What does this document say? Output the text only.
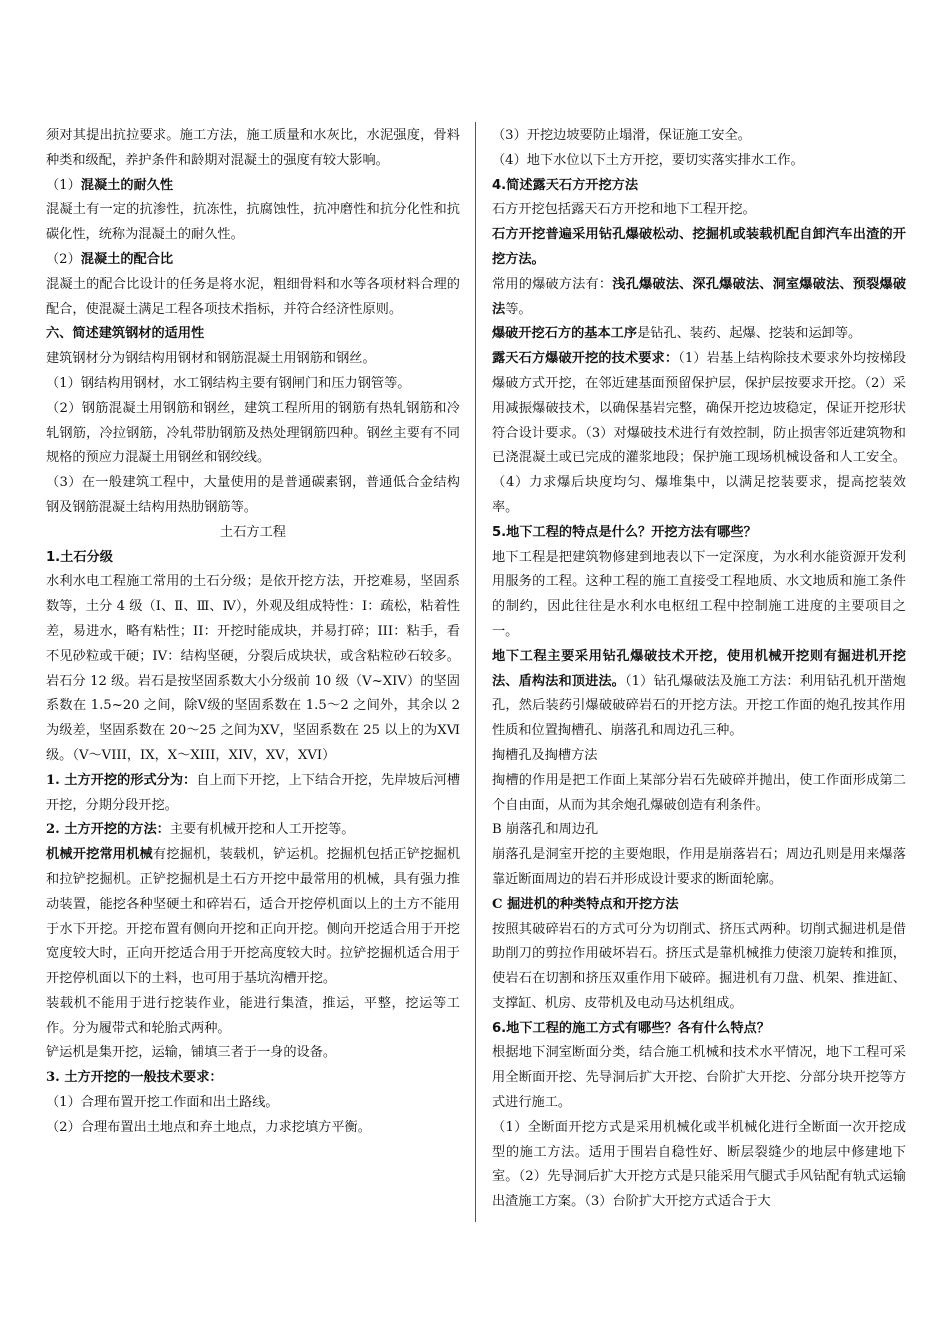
须对其提出抗拉要求。施工方法，施工质量和水灰比，水泥强度，骨料种类和级配，养护条件和龄期对混凝土的强度有较大影响。

（1）混凝土的耐久性

混凝土有一定的抗渗性，抗冻性，抗腐蚀性，抗冲磨性和抗分化性和抗碳化性，统称为混凝土的耐久性。

（2）混凝土的配合比

混凝土的配合比设计的任务是将水泥，粗细骨料和水等各项材料合理的配合，使混凝土满足工程各项技术指标，并符合经济性原则。

六、简述建筑钢材的适用性

建筑钢材分为钢结构用钢材和钢筋混凝土用钢筋和钢丝。

（1）钢结构用钢材，水工钢结构主要有钢闸门和压力钢管等。

（2）钢筋混凝土用钢筋和钢丝，建筑工程所用的钢筋有热轧钢筋和冷轧钢筋，冷拉钢筋，冷轧带肋钢筋及热处理钢筋四种。钢丝主要有不同规格的预应力混凝土用钢丝和钢绞线。

（3）在一般建筑工程中，大量使用的是普通碳素钢，普通低合金结构钢及钢筋混凝土结构用热肋钢筋等。

土石方工程

1.土石分级

水利水电工程施工常用的土石分级；是依开挖方法，开挖难易，坚固系数等，土分 4 级（I、Ⅱ、Ⅲ、Ⅳ），外观及组成特性：I：疏松，粘着性差，易进水，略有粘性；II：开挖时能成块，并易打碎；III：粘手，看不见砂粒或干硬；IV：结构坚硬，分裂后成块状，或含粘粒砂石较多。岩石分 12 级。岩石是按坚固系数大小分级前 10 级（Ⅴ~XIV）的坚固系数在 1.5~20 之间，除Ⅴ级的坚固系数在 1.5～2 之间外，其余以 2 为级差，坚固系数在 20～25 之间为ⅩⅤ，坚固系数在 25 以上的为ⅩⅥ级。（Ⅴ～VIII，IX，X～XIII，XIV，XV，XVI）

1. 土方开挖的形式分为：自上而下开挖，上下结合开挖，先岸坡后河槽开挖，分期分段开挖。

2. 土方开挖的方法：主要有机械开挖和人工开挖等。

机械开挖常用机械有挖掘机，装载机，铲运机。挖掘机包括正铲挖掘机和拉铲挖掘机。正铲挖掘机是土石方开挖中最常用的机械，具有强力推动装置，能挖各种坚硬土和碎岩石，适合开挖停机面以上的土方不能用于水下开挖。开挖布置有侧向开挖和正向开挖。侧向开挖适合用于开挖宽度较大时，正向开挖适合用于开挖高度较大时。拉铲挖掘机适合用于开挖停机面以下的土料，也可用于基坑沟槽开挖。

装载机不能用于进行挖装作业，能进行集渣，推运，平整，挖运等工作。分为履带式和轮胎式两种。

铲运机是集开挖，运输，铺填三者于一身的设备。

3. 土方开挖的一般技术要求：

（1）合理布置开挖工作面和出土路线。

（2）合理布置出土地点和弃土地点，力求挖填方平衡。

（3）开挖边坡要防止塌滑，保证施工安全。

（4）地下水位以下土方开挖，要切实落实排水工作。

4.简述露天石方开挖方法

石方开挖包括露天石方开挖和地下工程开挖。

石方开挖普遍采用钻孔爆破松动、挖掘机或装载机配自卸汽车出渣的开挖方法。

常用的爆破方法有：浅孔爆破法、深孔爆破法、洞室爆破法、预裂爆破法等。

爆破开挖石方的基本工序是钻孔、装药、起爆、挖装和运卸等。

露天石方爆破开挖的技术要求：（1）岩基上结构除技术要求外均按梯段爆破方式开挖，在邻近建基面预留保护层，保护层按要求开挖。（2）采用减振爆破技术，以确保基岩完整，确保开挖边坡稳定，保证开挖形状符合设计要求。（3）对爆破技术进行有效控制，防止损害邻近建筑物和已浇混凝土或已完成的灌浆地段；保护施工现场机械设备和人工安全。（4）力求爆后块度均匀、爆堆集中，以满足挖装要求，提高挖装效率。

5.地下工程的特点是什么？开挖方法有哪些？

地下工程是把建筑物修建到地表以下一定深度，为水利水能资源开发利用服务的工程。这种工程的施工直接受工程地质、水文地质和施工条件的制约，因此往往是水利水电枢纽工程中控制施工进度的主要项目之一。

地下工程主要采用钻孔爆破技术开挖，使用机械开挖则有掘进机开挖法、盾构法和顶进法。（1）钻孔爆破法及施工方法：利用钻孔机开凿炮孔，然后装药引爆破破碎岩石的开挖方法。开挖工作面的炮孔按其作用性质和位置掏槽孔、崩落孔和周边孔三种。

掏槽孔及掏槽方法

掏槽的作用是把工作面上某部分岩石先破碎并抛出，使工作面形成第二个自由面，从而为其余炮孔爆破创造有利条件。

B 崩落孔和周边孔

崩落孔是洞室开挖的主要炮眼，作用是崩落岩石；周边孔则是用来爆落靠近断面周边的岩石并形成设计要求的断面轮廓。

C 掘进机的种类特点和开挖方法

按照其破碎岩石的方式可分为切削式、挤压式两种。切削式掘进机是借助削刀的剪拉作用破坏岩石。挤压式是靠机械推力使滚刀旋转和推顶，使岩石在切割和挤压双重作用下破碎。掘进机有刀盘、机架、推进缸、支撑缸、机房、皮带机及电动马达机组成。

6.地下工程的施工方式有哪些？各有什么特点？

根据地下洞室断面分类，结合施工机械和技术水平情况，地下工程可采用全断面开挖、先导洞后扩大开挖、台阶扩大开挖、分部分块开挖等方式进行施工。

（1）全断面开挖方式是采用机械化或半机械化进行全断面一次开挖成型的施工方法。适用于围岩自稳性好、断层裂缝少的地层中修建地下室。（2）先导洞后扩大开挖方式是只能采用气腿式手风钻配有轨式运输出渣施工方案。（3）台阶扩大开挖方式适合于大
